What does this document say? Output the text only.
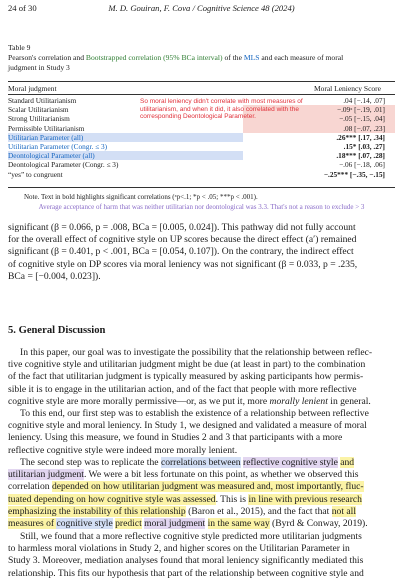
24 of 30	M. D. Gouiran, F. Cova / Cognitive Science 48 (2024)
Table 9
Pearson's correlation and Bootstrapped correlation (95% BCa interval) of the MLS and each measure of moral
judgment in Study 3
Moral judgment	Moral Leniency Score
Standard Utilitarianism	.04 [−.14, .07]
Scalar Utilitarianism	−.09ˣ [−.19, .01]
Strong Utilitarianism	−.05 [−.15, .04]
Permissible Utilitarianism	.08 [−.07, .23]
Utilitarian Parameter (all)	.26*** [.17, .34]
Utilitarian Parameter (Congr. ≤ 3)	.15* [.03, .27]
Deontological Parameter (all)	.18*** [.07, .28]
Deontological Parameter (Congr. ≤ 3)	−.06 [−.18, .06]
“yes” to congruent	−.25*** [−.35, −.15]
So moral leniency didn't correlate with most measures of utilitarianism, and when it did, it also correlated with the corresponding Deontological Parameter.
Note. Text in bold highlights significant correlations (ˣp<.1; *p < .05; ***p < .001).
Average acceptance of harm that was neither utilitarian nor deontological was 3.3. That's not a reason to exclude > 3
significant (β = 0.066, p = .008, BCa = [0.005, 0.024]). This pathway did not fully account
for the overall effect of cognitive style on UP scores because the direct effect (a′) remained
significant (β = 0.401, p < .001, BCa = [0.054, 0.107]). On the contrary, the indirect effect
of cognitive style on DP scores via moral leniency was not significant (β = 0.033, p = .235,
BCa = [−0.004, 0.023]).
5. General Discussion
In this paper, our goal was to investigate the possibility that the relationship between reflec-
tive cognitive style and utilitarian judgment might be due (at least in part) to the combination
of the fact that utilitarian judgment is typically measured by asking participants how permis-
sible it is to engage in the utilitarian action, and of the fact that people with more reflective
cognitive style are more morally permissive—or, as we put it, more morally lenient in general.
To this end, our first step was to establish the existence of a relationship between reflective
cognitive style and moral leniency. In Study 1, we designed and validated a measure of moral
leniency. Using this measure, we found in Studies 2 and 3 that participants with a more
reflective cognitive style were indeed more morally lenient.
The second step was to replicate the correlations between reflective cognitive style and
utilitarian judgment. We were a bit less fortunate on this point, as whether we observed this
correlation depended on how utilitarian judgment was measured and, most importantly, fluc-
tuated depending on how cognitive style was assessed. This is in line with previous research
emphasizing the instability of this relationship (Baron et al., 2015), and the fact that not all
measures of cognitive style predict moral judgment in the same way (Byrd & Conway, 2019).
Still, we found that a more reflective cognitive style predicted more utilitarian judgments
to harmless moral violations in Study 2, and higher scores on the Utilitarian Parameter in
Study 3. Moreover, mediation analyses found that moral leniency significantly mediated this
relationship. This fits our hypothesis that part of the relationship between cognitive style and
